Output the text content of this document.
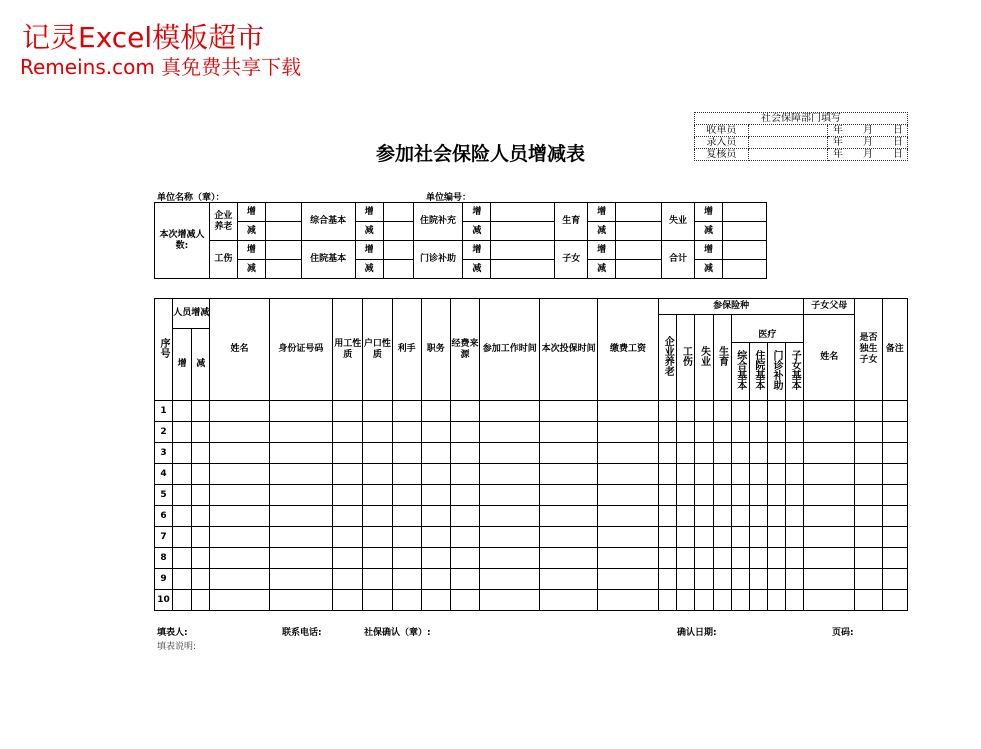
记灵Excel模板超市
Remeins.com 真免费共享下载
参加社会保险人员增减表
社会保障部门填写		
收单员		年　　月　　日
录入员		年　　月　　日
复核员		年　　月　　日
单位名称（章）：	单位编号：
本次增减人数:	企业养老	增		综合基本	增		住院补充	增		生育	增		失业	增	
		减			减			减			减			减	
	工伤	增		住院基本	增		门诊补助	增		子女	增		合计	增	
		减			减			减			减			减	
序号	人员增减		姓名	身份证号码	用工性质	户口性质	利手	职务	经费来源	参加工作时间	本次投保时间	缴费工资	参保险种								子女父母	是否独生子女	备注
													企业养老	工伤	失业	生育					姓名		
	增	减															医疗						
																	综合基本	住院基本	门诊补助	子女基本			
1																							
2																							
3																							
4																							
5																							
6																							
7																							
8																							
9																							
10																							
填表人:	联系电话:	社保确认（章）:	确认日期:	页码:
填表说明:
